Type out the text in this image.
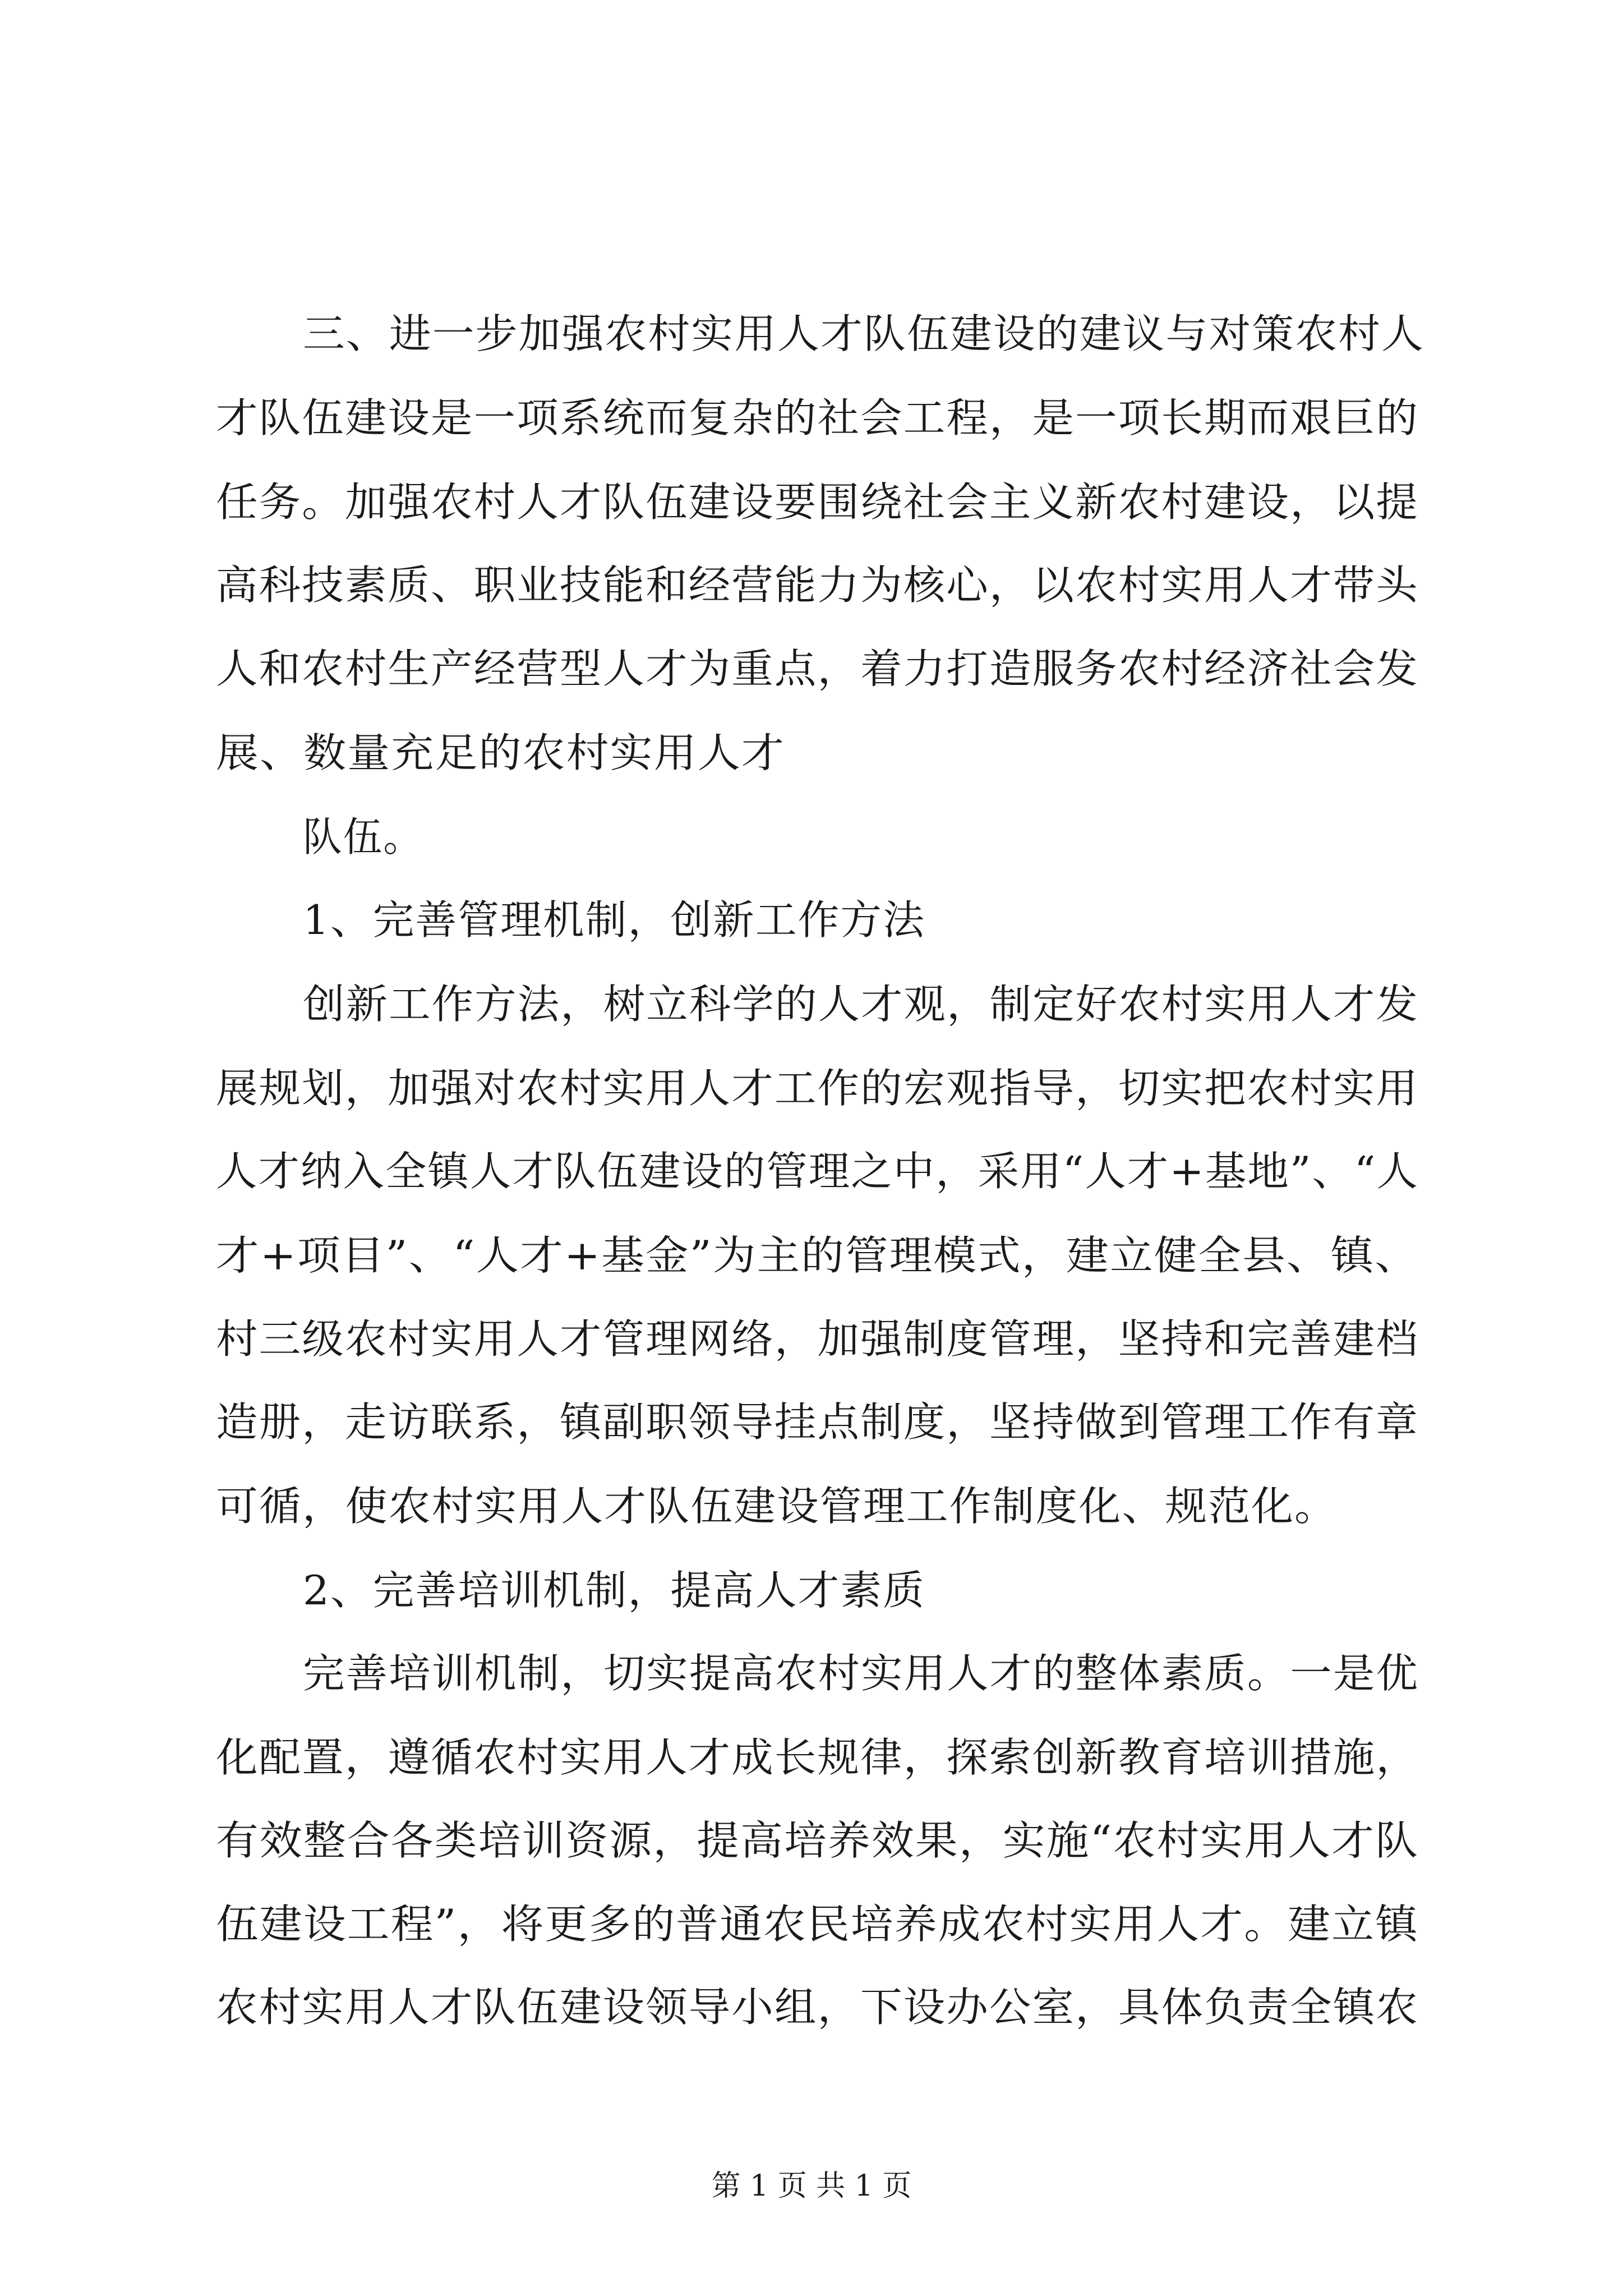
三、进一步加强农村实用人才队伍建设的建议与对策农村人
才队伍建设是一项系统而复杂的社会工程，是一项长期而艰巨的
任务。加强农村人才队伍建设要围绕社会主义新农村建设，以提
高科技素质、职业技能和经营能力为核心，以农村实用人才带头
人和农村生产经营型人才为重点，着力打造服务农村经济社会发
展、数量充足的农村实用人才
队伍。
1、完善管理机制，创新工作方法
创新工作方法，树立科学的人才观，制定好农村实用人才发
展规划，加强对农村实用人才工作的宏观指导，切实把农村实用
人才纳入全镇人才队伍建设的管理之中，采用“人才+基地”、“人
才+项目”、“人才+基金”为主的管理模式，建立健全县、镇、
村三级农村实用人才管理网络，加强制度管理，坚持和完善建档
造册，走访联系，镇副职领导挂点制度，坚持做到管理工作有章
可循，使农村实用人才队伍建设管理工作制度化、规范化。
2、完善培训机制，提高人才素质
完善培训机制，切实提高农村实用人才的整体素质。一是优
化配置，遵循农村实用人才成长规律，探索创新教育培训措施，
有效整合各类培训资源，提高培养效果，实施“农村实用人才队
伍建设工程”，将更多的普通农民培养成农村实用人才。建立镇
农村实用人才队伍建设领导小组，下设办公室，具体负责全镇农
第 1 页 共 1 页
